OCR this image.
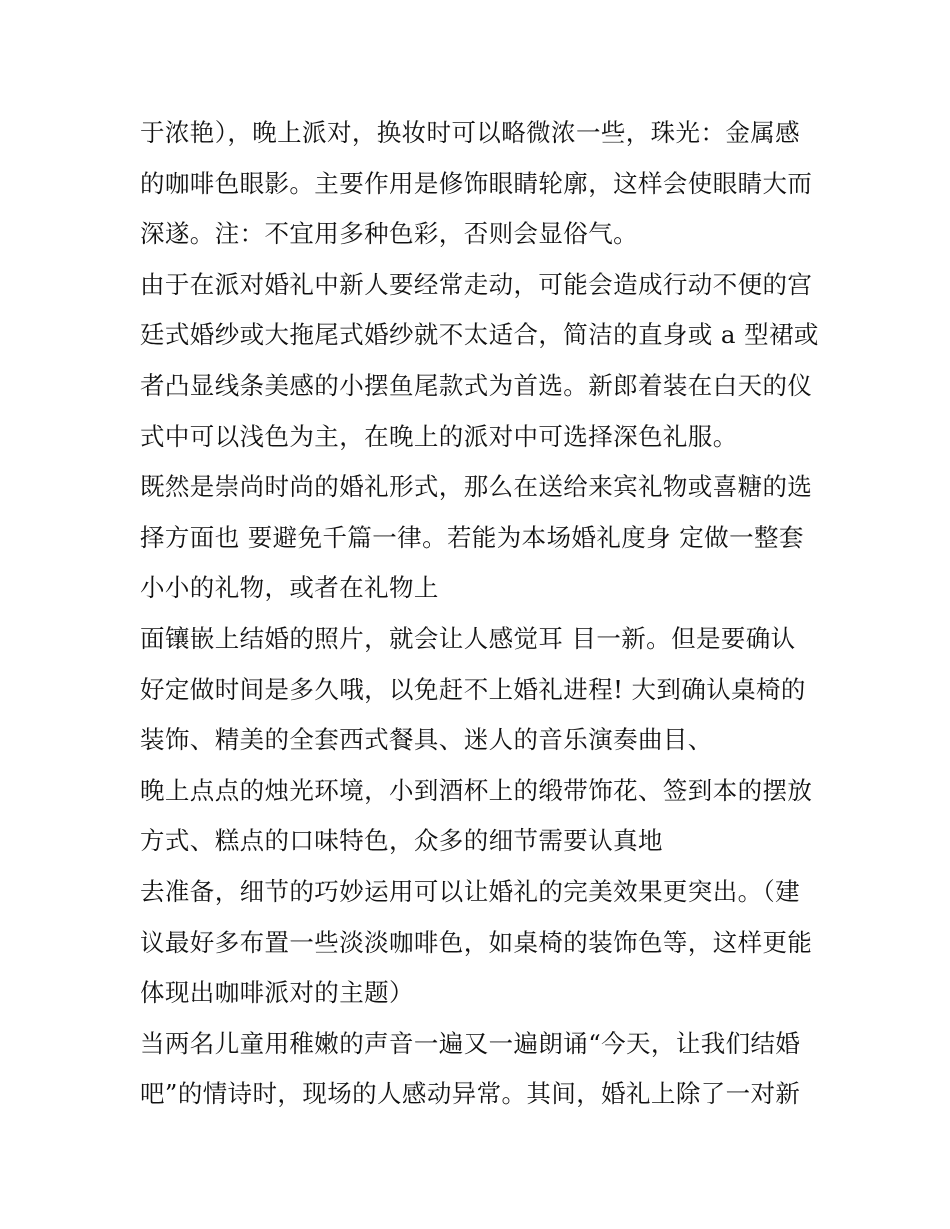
于浓艳），晚上派对，换妆时可以略微浓一些，珠光：金属感
的咖啡色眼影。主要作用是修饰眼睛轮廓，这样会使眼睛大而
深遂。注：不宜用多种色彩，否则会显俗气。
由于在派对婚礼中新人要经常走动，可能会造成行动不便的宫
廷式婚纱或大拖尾式婚纱就不太适合，简洁的直身或 a 型裙或
者凸显线条美感的小摆鱼尾款式为首选。新郎着装在白天的仪
式中可以浅色为主，在晚上的派对中可选择深色礼服。
既然是崇尚时尚的婚礼形式，那么在送给来宾礼物或喜糖的选
择方面也 要避免千篇一律。若能为本场婚礼度身 定做一整套
小小的礼物，或者在礼物上
面镶嵌上结婚的照片，就会让人感觉耳 目一新。但是要确认
好定做时间是多久哦，以免赶不上婚礼进程! 大到确认桌椅的
装饰、精美的全套西式餐具、迷人的音乐演奏曲目、
晚上点点的烛光环境，小到酒杯上的缎带饰花、签到本的摆放
方式、糕点的口味特色，众多的细节需要认真地
去准备，细节的巧妙运用可以让婚礼的完美效果更突出。（建
议最好多布置一些淡淡咖啡色，如桌椅的装饰色等，这样更能
体现出咖啡派对的主题）
当两名儿童用稚嫩的声音一遍又一遍朗诵“今天，让我们结婚
吧”的情诗时，现场的人感动异常。其间，婚礼上除了一对新
